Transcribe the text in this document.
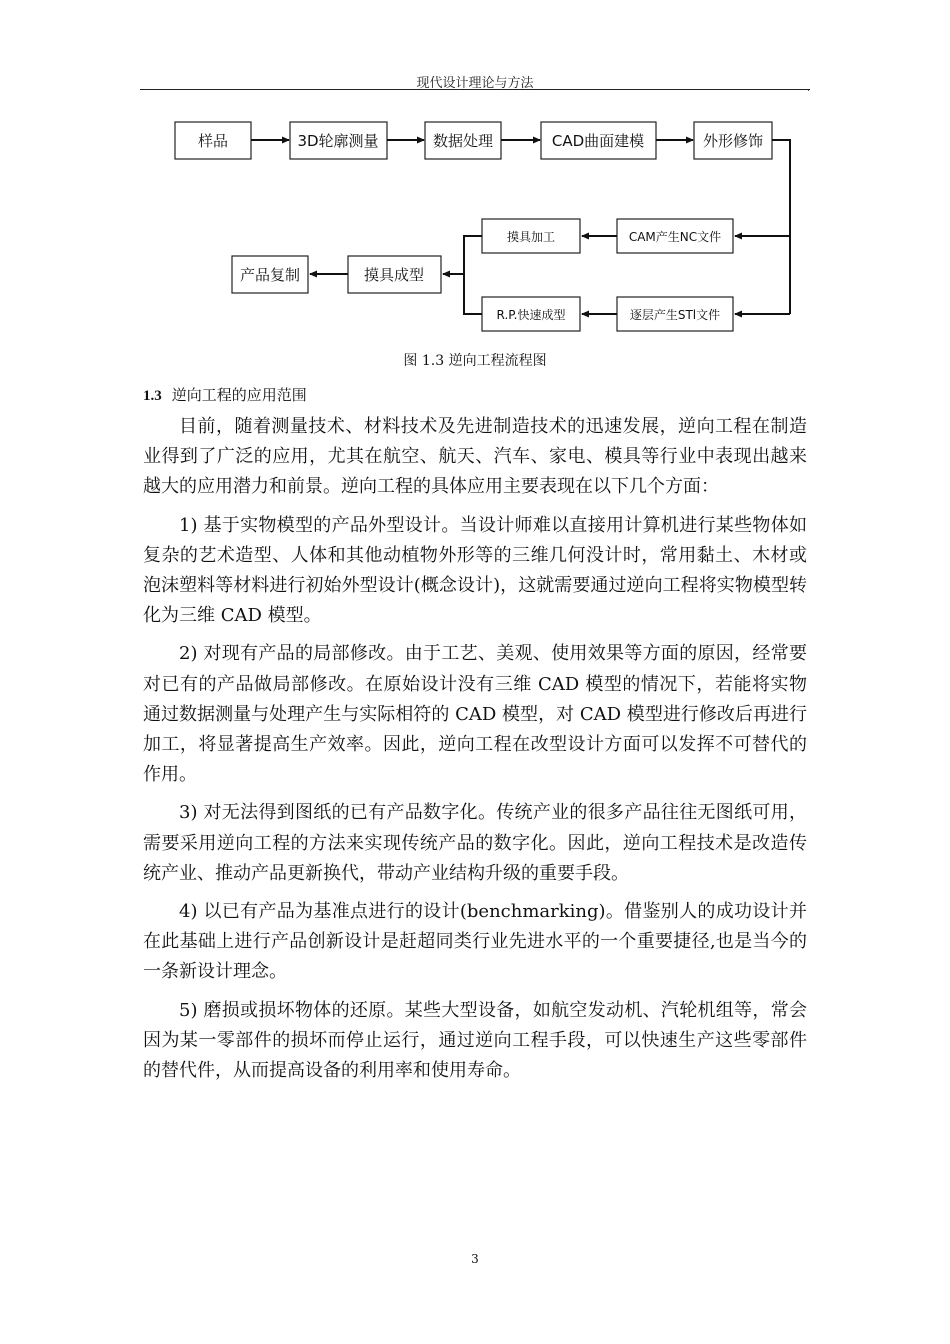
现代设计理论与方法	.
样品	3D轮廓测量	数据处理	CAD曲面建模	外形修饰
CAM产生NC文件
逐层产生STl文件
摸具加工
R.P.快速成型
摸具成型
产品复制
图 1.3 逆向工程流程图
1.3 逆向工程的应用范围

目前，随着测量技术、材料技术及先进制造技术的迅速发展，逆向工程在制造业得到了广泛的应用，尤其在航空、航天、汽车、家电、模具等行业中表现出越来越大的应用潜力和前景。逆向工程的具体应用主要表现在以下几个方面：

1) 基于实物模型的产品外型设计。当设计师难以直接用计算机进行某些物体如复杂的艺术造型、人体和其他动植物外形等的三维几何没计时，常用黏土、木材或泡沫塑料等材料进行初始外型设计(概念设计)，这就需要通过逆向工程将实物模型转化为三维 CAD 模型。

2) 对现有产品的局部修改。由于工艺、美观、使用效果等方面的原因，经常要对已有的产品做局部修改。在原始设计没有三维 CAD 模型的情况下，若能将实物通过数据测量与处理产生与实际相符的 CAD 模型，对 CAD 模型进行修改后再进行加工，将显著提高生产效率。因此，逆向工程在改型设计方面可以发挥不可替代的作用。

3) 对无法得到图纸的已有产品数字化。传统产业的很多产品往往无图纸可用，需要采用逆向工程的方法来实现传统产品的数字化。因此，逆向工程技术是改造传统产业、推动产品更新换代，带动产业结构升级的重要手段。

4) 以已有产品为基准点进行的设计(benchmarking)。借鉴别人的成功设计并在此基础上进行产品创新设计是赶超同类行业先进水平的一个重要捷径,也是当今的一条新设计理念。

5) 磨损或损坏物体的还原。某些大型设备，如航空发动机、汽轮机组等，常会因为某一零部件的损坏而停止运行，通过逆向工程手段，可以快速生产这些零部件的替代件，从而提高设备的利用率和使用寿命。

3
